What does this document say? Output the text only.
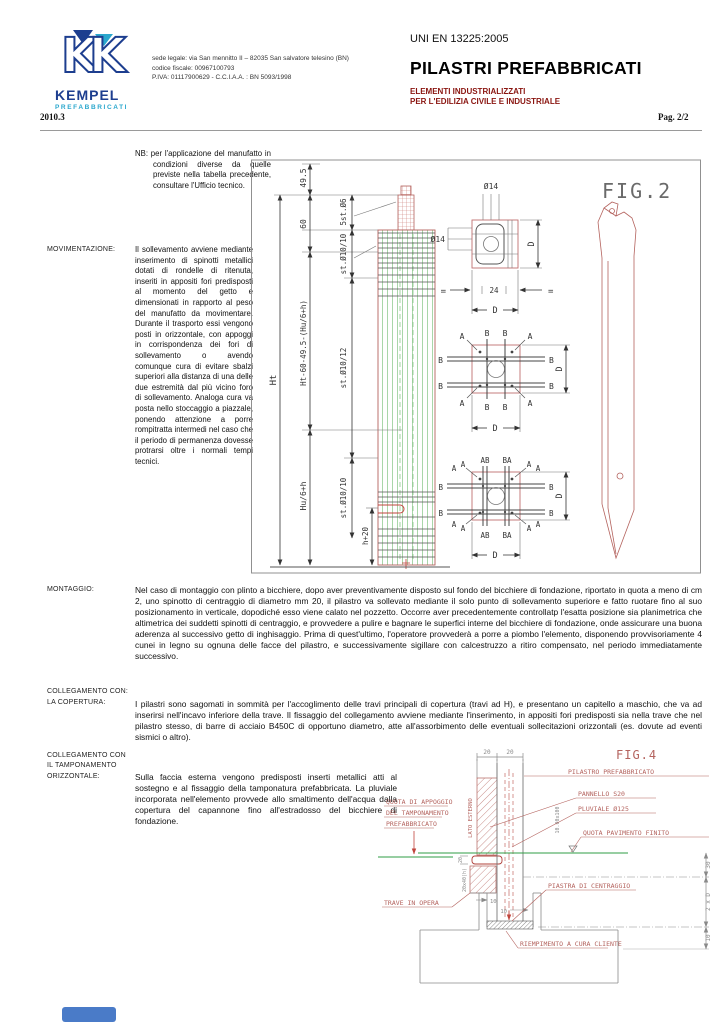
K
K
KEMPEL
PREFABBRICATI
sede legale: via San mennitto II – 82035 San salvatore telesino (BN)
codice fiscale: 00967100793
P.IVA: 01117900629 - C.C.I.A.A. : BN 5093/1998
UNI EN 13225:2005
PILASTRI PREFABBRICATI
ELEMENTI INDUSTRIALIZZATI
PER L'EDILIZIA CIVILE E INDUSTRIALE
2010.3	Pag. 2/2
NB: per l'applicazione del manufatto in condizioni diverse da quelle previste nella tabella precedente, consultare l'Ufficio tecnico.
MOVIMENTAZIONE:	Il sollevamento avviene mediante inserimento di spinotti metallici dotati di rondelle di ritenuta, inseriti in appositi fori predisposti al momento del getto e dimensionati in rapporto al peso del manufatto da movimentare. Durante il trasporto essi vengono posti in orizzontale, con appoggi in corrispondenza dei fori di sollevamento o avendo comunque cura di evitare sbalzi superiori alla distanza di una delle due estremità dal più vicino foro di sollevamento. Analoga cura va posta nello stoccaggio a piazzale, ponendo attenzione a porre rompitratta intermedi nel caso che il periodo di permanenza dovesse protrarsi oltre i normali tempi tecnici.
FIG.2
Ht
49.5
60
Ht-60-49.5-(Hu/6+h)
Hu/6+h
5st.Ø6
st.Ø10/10
st.Ø10/12
st.Ø10/10
h+20
Ø14
Ø14
=	=
24
D
D
B B
A	A
B	B
B	B
A	A
B B
D
D
AB BA
A A	A A
B	B
B	B
A A	A A
AB BA
D
D
MONTAGGIO:	Nel caso di montaggio con plinto a bicchiere, dopo aver preventivamente disposto sul fondo del bicchiere di fondazione, riportato in quota a meno di cm 2, uno spinotto di centraggio di diametro mm 20, il pilastro va sollevato mediante il solo punto di sollevamento superiore e fatto ruotare fino al suo posizionamento in verticale, dopodiché esso viene calato nel pozzetto. Occorre aver precedentemente controllatp l'esatta posizione sia planimetrica che altimetrica dei suddetti spinotti di centraggio, e provvedere a pulire e bagnare le superfici interne del bicchiere di fondazione, onde assicurare una buona aderenza al successivo getto di inghisaggio. Prima di quest'ultimo, l'operatore provvederà a porre a piombo l'elemento, disponendo provvisoriamente 4 cunei in legno su ognuna delle facce del pilastro, e successivamente sigillare con calcestruzzo a ritiro compensato, nel periodo immediatamente successivo.
COLLEGAMENTO CON:
LA COPERTURA:	I pilastri sono sagomati in sommità per l'accoglimento delle travi principali di copertura (travi ad H), e presentano un capitello a maschio, che va ad inserirsi nell'incavo inferiore della trave. Il fissaggio del collegamento avviene mediante l'inserimento, in appositi fori predisposti sia nella trave che nel pilastro stesso, di barre di acciaio B450C di opportuno diametro, atte all'assorbimento delle eventuali sollecitazioni orizzontali (es. dovute ad eventi sismici o altro).
COLLEGAMENTO CON
IL TAMPONAMENTO
ORIZZONTALE:	Sulla faccia esterna vengono predisposti inserti metallici atti al sostegno e al fissaggio della tamponatura prefabbricata. La pluviale incorporata nell'elemento provvede allo smaltimento dell'acqua dalla copertura del capannone fino all'estradosso del bicchiere di fondazione.
FIG.4
20	20
30
2 x D
10
20
10
10
10.00x100
20x40(h)
PILASTRO PREFABBRICATO
PANNELLO S20
PLUVIALE Ø125
QUOTA PAVIMENTO FINITO
QUOTA DI APPOGGIO
DEL TAMPONAMENTO
PREFABBRICATO
TRAVE IN OPERA
PIASTRA DI CENTRAGGIO
RIEMPIMENTO A CURA CLIENTE
LATO ESTERNO
